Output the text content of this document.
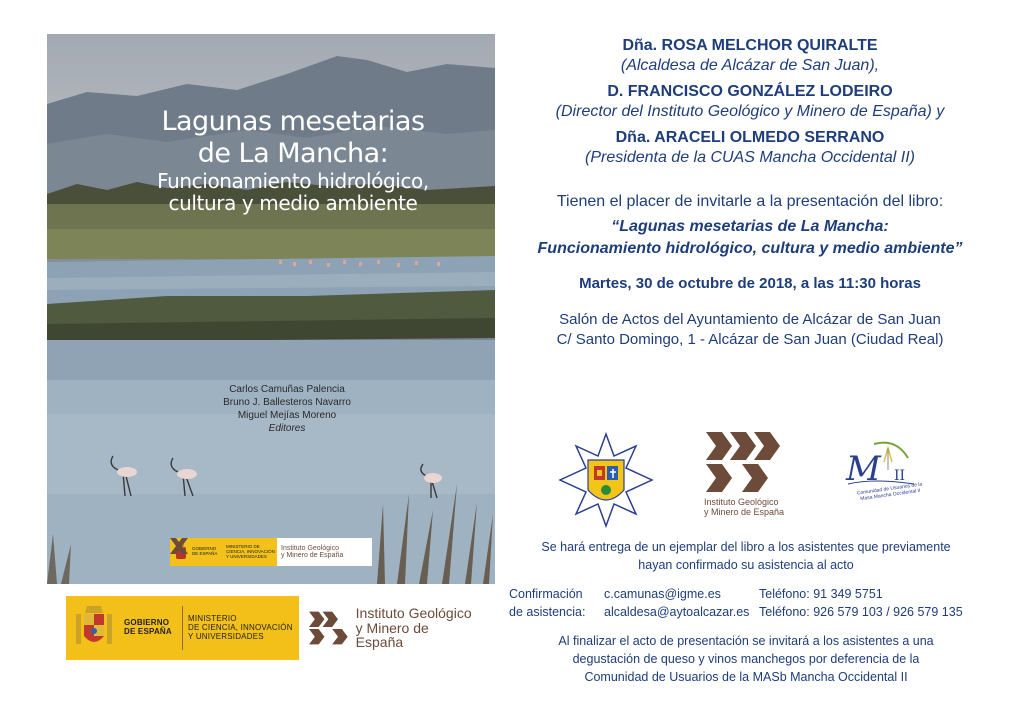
Lagunas mesetarias
de La Mancha:
Funcionamiento hidrológico,
cultura y medio ambiente
Carlos Camuñas Palencia
Bruno J. Ballesteros Navarro
Miguel Mejías Moreno
Editores
GOBIERNO DE ESPAÑA
MINISTERIO DE CIENCIA, INNOVACIÓN Y UNIVERSIDADES
Instituto Geológico
y Minero de España
GOBIERNO
DE ESPAÑA
MINISTERIO
DE CIENCIA, INNOVACIÓN
Y UNIVERSIDADES
Instituto Geológico
y Minero de España
Dña. ROSA MELCHOR QUIRALTE
(Alcaldesa de Alcázar de San Juan),
D. FRANCISCO GONZÁLEZ LODEIRO
(Director del Instituto Geológico y Minero de España) y
Dña. ARACELI OLMEDO SERRANO
(Presidenta de la CUAS Mancha Occidental II)
Tienen el placer de invitarle a la presentación del libro:
“Lagunas mesetarias de La Mancha:
Funcionamiento hidrológico, cultura y medio ambiente”
Martes, 30 de octubre de 2018, a las 11:30 horas
Salón de Actos del Ayuntamiento de Alcázar de San Juan
C/ Santo Domingo, 1 - Alcázar de San Juan (Ciudad Real)
Instituto Geológico
y Minero de España
M II
Comunidad de Usuarios de la Masa Mancha Occidental II
Se hará entrega de un ejemplar del libro a los asistentes que previamente
hayan confirmado su asistencia al acto
Confirmación
de asistencia:
c.camunas@igme.es
alcaldesa@aytoalcazar.es
Teléfono: 91 349 5751
Teléfono: 926 579 103 / 926 579 135
Al finalizar el acto de presentación se invitará a los asistentes a una
degustación de queso y vinos manchegos por deferencia de la
Comunidad de Usuarios de la MASb Mancha Occidental II
